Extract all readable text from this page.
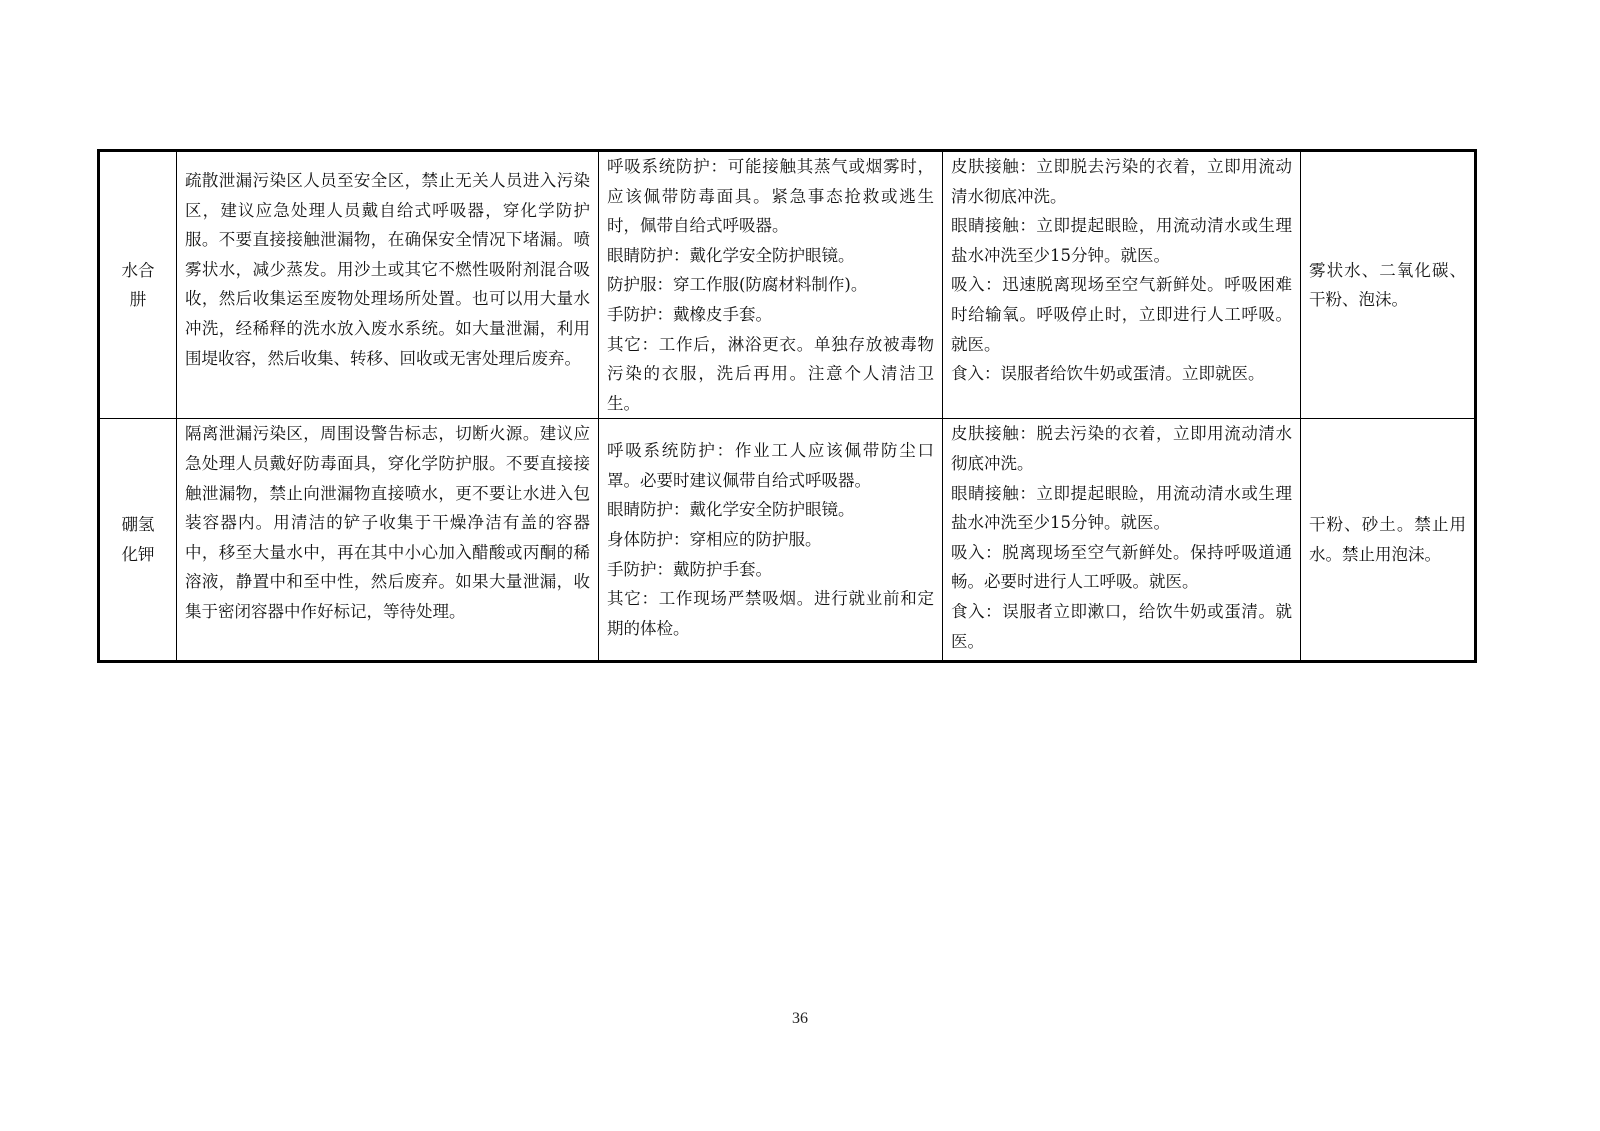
水合肼	疏散泄漏污染区人员至安全区，禁止无关人员进入污染区，建议应急处理人员戴自给式呼吸器，穿化学防护服。不要直接接触泄漏物，在确保安全情况下堵漏。喷雾状水，减少蒸发。用沙土或其它不燃性吸附剂混合吸收，然后收集运至废物处理场所处置。也可以用大量水冲洗，经稀释的洗水放入废水系统。如大量泄漏，利用围堤收容，然后收集、转移、回收或无害处理后废弃。	呼吸系统防护：可能接触其蒸气或烟雾时，应该佩带防毒面具。紧急事态抢救或逃生时，佩带自给式呼吸器。
眼睛防护：戴化学安全防护眼镜。
防护服：穿工作服(防腐材料制作)。
手防护：戴橡皮手套。
其它：工作后，淋浴更衣。单独存放被毒物污染的衣服，洗后再用。注意个人清洁卫生。	皮肤接触：立即脱去污染的衣着，立即用流动清水彻底冲洗。
眼睛接触：立即提起眼睑，用流动清水或生理盐水冲洗至少15分钟。就医。
吸入：迅速脱离现场至空气新鲜处。呼吸困难时给输氧。呼吸停止时，立即进行人工呼吸。就医。
食入：误服者给饮牛奶或蛋清。立即就医。	雾状水、二氧化碳、干粉、泡沫。

硼氢化钾	隔离泄漏污染区，周围设警告标志，切断火源。建议应急处理人员戴好防毒面具，穿化学防护服。不要直接接触泄漏物，禁止向泄漏物直接喷水，更不要让水进入包装容器内。用清洁的铲子收集于干燥净洁有盖的容器中，移至大量水中，再在其中小心加入醋酸或丙酮的稀溶液，静置中和至中性，然后废弃。如果大量泄漏，收集于密闭容器中作好标记，等待处理。	呼吸系统防护：作业工人应该佩带防尘口罩。必要时建议佩带自给式呼吸器。
眼睛防护：戴化学安全防护眼镜。
身体防护：穿相应的防护服。
手防护：戴防护手套。
其它：工作现场严禁吸烟。进行就业前和定期的体检。	皮肤接触：脱去污染的衣着，立即用流动清水彻底冲洗。
眼睛接触：立即提起眼睑，用流动清水或生理盐水冲洗至少15分钟。就医。
吸入：脱离现场至空气新鲜处。保持呼吸道通畅。必要时进行人工呼吸。就医。
食入：误服者立即漱口，给饮牛奶或蛋清。就医。	干粉、砂土。禁止用水。禁止用泡沫。
36
